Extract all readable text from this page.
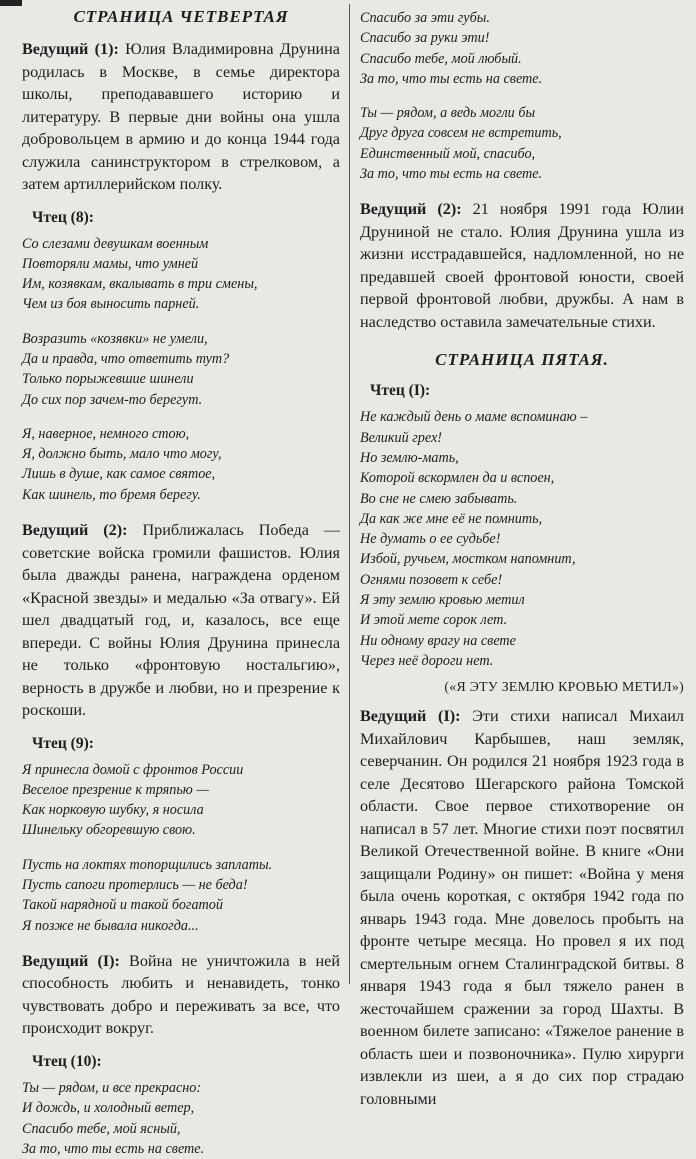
СТРАНИЦА ЧЕТВЕРТАЯ

Ведущий (1): Юлия Владимировна Друнина родилась в Москве, в семье директора школы, преподававшего историю и литературу. В первые дни войны она ушла добровольцем в армию и до конца 1944 года служила санинструктором в стрелковом, а затем артиллерийском полку.

Чтец (8):
Со слезами девушкам военным
Повторяли мамы, что умней
Им, козявкам, вкалывать в три смены,
Чем из боя выносить парней.
Возразить «козявки» не умели,
Да и правда, что ответить тут?
Только порыжевшие шинели
До сих пор зачем-то берегут.
Я, наверное, немного стою,
Я, должно быть, мало что могу,
Лишь в душе, как самое святое,
Как шинель, то бремя берегу.

Ведущий (2): Приближалась Победа — советские войска громили фашистов. Юлия была дважды ранена, награждена орденом «Красной звезды» и медалью «За отвагу». Ей шел двадцатый год, и, казалось, все еще впереди. С войны Юлия Друнина принесла не только «фронтовую ностальгию», верность в дружбе и любви, но и презрение к роскоши.

Чтец (9):
Я принесла домой с фронтов России
Веселое презрение к тряпью —
Как норковую шубку, я носила
Шинельку обгоревшую свою.
Пусть на локтях топорщились заплаты.
Пусть сапоги протерлись — не беда!
Такой нарядной и такой богатой
Я позже не бывала никогда...

Ведущий (I): Война не уничтожила в ней способность любить и ненавидеть, тонко чувствовать добро и переживать за все, что происходит вокруг.

Чтец (10):
Ты — рядом, и все прекрасно:
И дождь, и холодный ветер,
Спасибо тебе, мой ясный,
За то, что ты есть на свете.
Спасибо за эти губы.
Спасибо за руки эти!
Спасибо тебе, мой любый.
За то, что ты есть на свете.
Ты — рядом, а ведь могли бы
Друг друга совсем не встретить,
Единственный мой, спасибо,
За то, что ты есть на свете.

Ведущий (2): 21 ноября 1991 года Юлии Друниной не стало. Юлия Друнина ушла из жизни исстрадавшейся, надломленной, но не предавшей своей фронтовой юности, своей первой фронтовой любви, дружбы. А нам в наследство оставила замечательные стихи.

СТРАНИЦА ПЯТАЯ.
Чтец (I):
Не каждый день о маме вспоминаю –
Великий грех!
Но землю-мать,
Которой вскормлен да и вспоен,
Во сне не смею забывать.
Да как же мне её не помнить,
Не думать о ее судьбе!
Избой, ручьем, мостком напомнит,
Огнями позовет к себе!
Я эту землю кровью метил
И этой мете сорок лет.
Ни одному врагу на свете
Через неё дороги нет.
(«Я ЭТУ ЗЕМЛЮ КРОВЬЮ МЕТИЛ»)

Ведущий (I): Эти стихи написал Михаил Михайлович Карбышев, наш земляк, северчанин. Он родился 21 ноября 1923 года в селе Десятово Шегарского района Томской области. Свое первое стихотворение он написал в 57 лет. Многие стихи поэт посвятил Великой Отечественной войне. В книге «Они защищали Родину» он пишет: «Война у меня была очень короткая, с октября 1942 года по январь 1943 года. Мне довелось пробыть на фронте четыре месяца. Но провел я их под смертельным огнем Сталинградской битвы. 8 января 1943 года я был тяжело ранен в жесточайшем сражении за город Шахты. В военном билете записано: «Тяжелое ранение в область шеи и позвоночника». Пулю хирурги извлекли из шеи, а я до сих пор страдаю головными
